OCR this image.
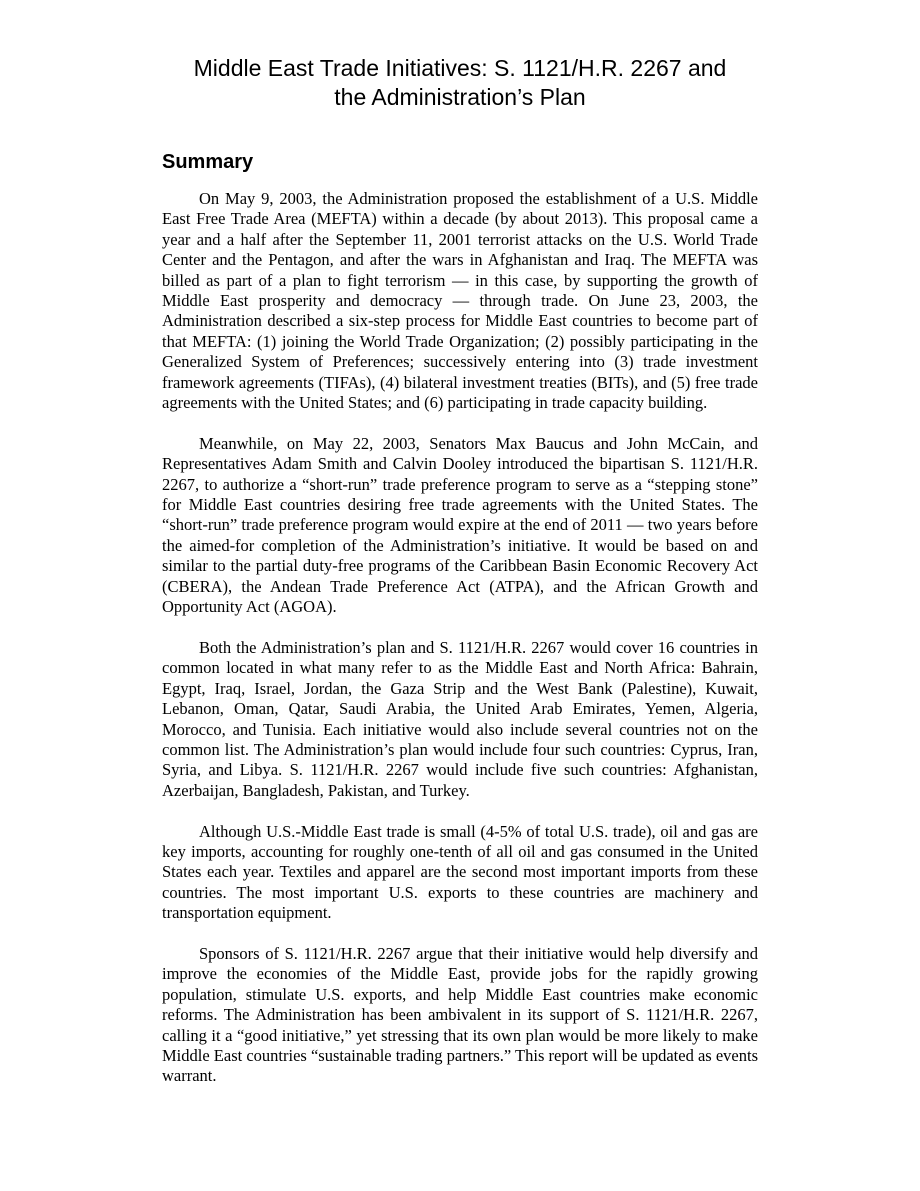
Middle East Trade Initiatives: S. 1121/H.R. 2267 and
the Administration’s Plan
Summary

On May 9, 2003, the Administration proposed the establishment of a U.S. Middle East Free Trade Area (MEFTA) within a decade (by about 2013). This proposal came a year and a half after the September 11, 2001 terrorist attacks on the U.S. World Trade Center and the Pentagon, and after the wars in Afghanistan and Iraq. The MEFTA was billed as part of a plan to fight terrorism — in this case, by supporting the growth of Middle East prosperity and democracy — through trade. On June 23, 2003, the Administration described a six-step process for Middle East countries to become part of that MEFTA: (1) joining the World Trade Organization; (2) possibly participating in the Generalized System of Preferences; successively entering into (3) trade investment framework agreements (TIFAs), (4) bilateral investment treaties (BITs), and (5) free trade agreements with the United States; and (6) participating in trade capacity building.

Meanwhile, on May 22, 2003, Senators Max Baucus and John McCain, and Representatives Adam Smith and Calvin Dooley introduced the bipartisan S. 1121/H.R. 2267, to authorize a “short-run” trade preference program to serve as a “stepping stone” for Middle East countries desiring free trade agreements with the United States. The “short-run” trade preference program would expire at the end of 2011 — two years before the aimed-for completion of the Administration’s initiative. It would be based on and similar to the partial duty-free programs of the Caribbean Basin Economic Recovery Act (CBERA), the Andean Trade Preference Act (ATPA), and the African Growth and Opportunity Act (AGOA).

Both the Administration’s plan and S. 1121/H.R. 2267 would cover 16 countries in common located in what many refer to as the Middle East and North Africa: Bahrain, Egypt, Iraq, Israel, Jordan, the Gaza Strip and the West Bank (Palestine), Kuwait, Lebanon, Oman, Qatar, Saudi Arabia, the United Arab Emirates, Yemen, Algeria, Morocco, and Tunisia. Each initiative would also include several countries not on the common list. The Administration’s plan would include four such countries: Cyprus, Iran, Syria, and Libya. S. 1121/H.R. 2267 would include five such countries: Afghanistan, Azerbaijan, Bangladesh, Pakistan, and Turkey.

Although U.S.-Middle East trade is small (4-5% of total U.S. trade), oil and gas are key imports, accounting for roughly one-tenth of all oil and gas consumed in the United States each year. Textiles and apparel are the second most important imports from these countries. The most important U.S. exports to these countries are machinery and transportation equipment.

Sponsors of S. 1121/H.R. 2267 argue that their initiative would help diversify and improve the economies of the Middle East, provide jobs for the rapidly growing population, stimulate U.S. exports, and help Middle East countries make economic reforms. The Administration has been ambivalent in its support of S. 1121/H.R. 2267, calling it a “good initiative,” yet stressing that its own plan would be more likely to make Middle East countries “sustainable trading partners.” This report will be updated as events warrant.
